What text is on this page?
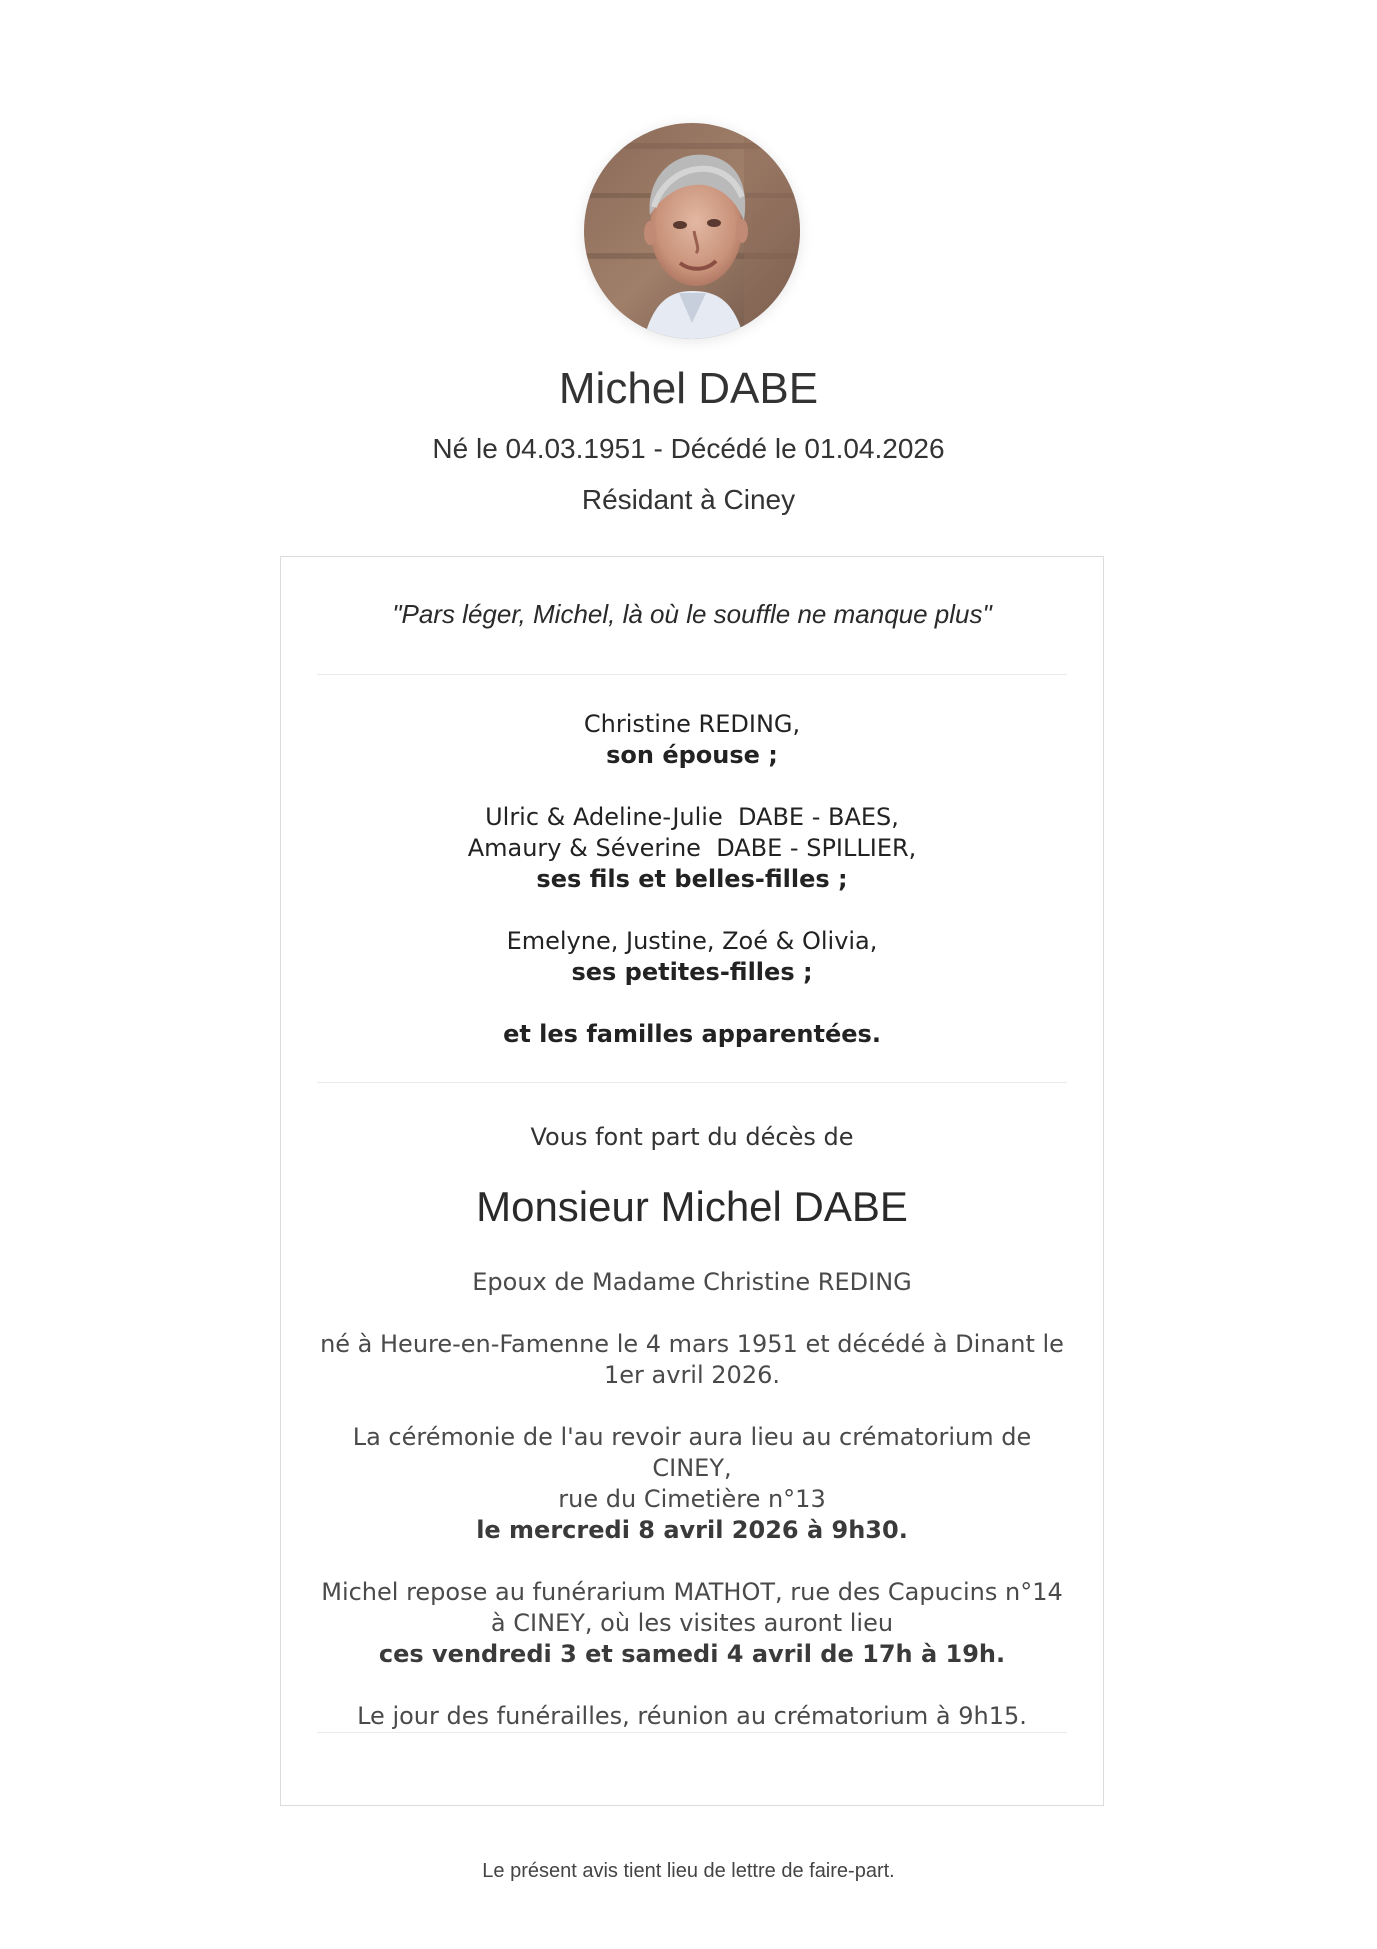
Michel DABE
Né le 04.03.1951 - Décédé le 01.04.2026
Résidant à Ciney
"Pars léger, Michel, là où le souffle ne manque plus"
Christine REDING,
son épouse ;
Ulric & Adeline-Julie  DABE - BAES,
Amaury & Séverine  DABE - SPILLIER,
ses fils et belles-filles ;
Emelyne, Justine, Zoé & Olivia,
ses petites-filles ;
et les familles apparentées.
Vous font part du décès de
Monsieur Michel DABE
Epoux de Madame Christine REDING
né à Heure-en-Famenne le 4 mars 1951 et décédé à Dinant le 1er avril 2026.
La cérémonie de l'au revoir aura lieu au crématorium de CINEY,
rue du Cimetière n°13
le mercredi 8 avril 2026 à 9h30.
Michel repose au funérarium MATHOT, rue des Capucins n°14
à CINEY, où les visites auront lieu
ces vendredi 3 et samedi 4 avril de 17h à 19h.
Le jour des funérailles, réunion au crématorium à 9h15.
Le présent avis tient lieu de lettre de faire-part.
